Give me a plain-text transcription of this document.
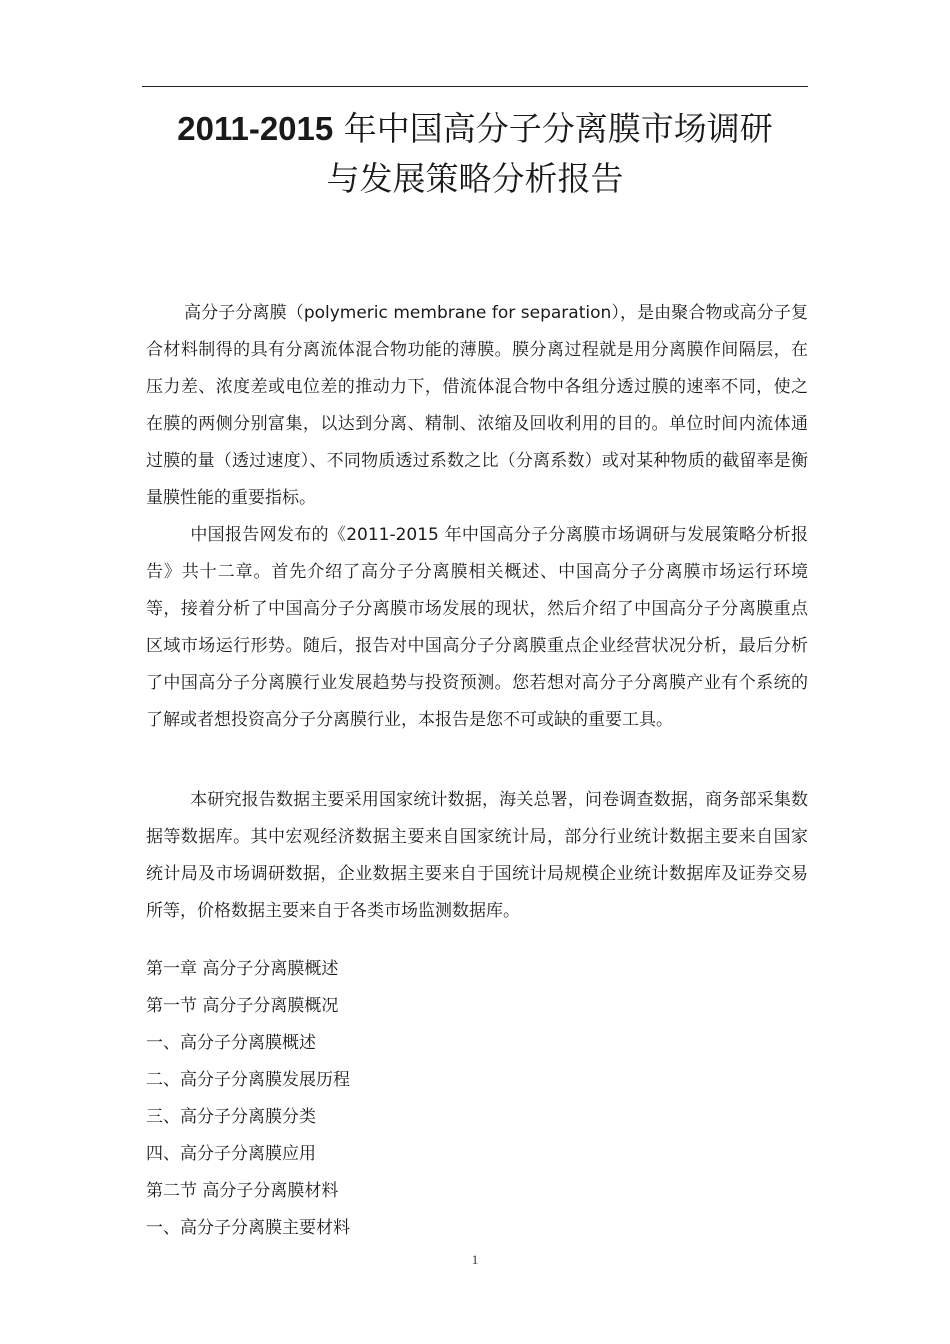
2011-2015 年中国高分子分离膜市场调研
与发展策略分析报告

高分子分离膜（polymeric membrane for separation），是由聚合物或高分子复合材料制得的具有分离流体混合物功能的薄膜。膜分离过程就是用分离膜作间隔层，在压力差、浓度差或电位差的推动力下，借流体混合物中各组分透过膜的速率不同，使之在膜的两侧分别富集，以达到分离、精制、浓缩及回收利用的目的。单位时间内流体通过膜的量（透过速度）、不同物质透过系数之比（分离系数）或对某种物质的截留率是衡量膜性能的重要指标。

中国报告网发布的《2011-2015 年中国高分子分离膜市场调研与发展策略分析报告》共十二章。首先介绍了高分子分离膜相关概述、中国高分子分离膜市场运行环境等，接着分析了中国高分子分离膜市场发展的现状，然后介绍了中国高分子分离膜重点区域市场运行形势。随后，报告对中国高分子分离膜重点企业经营状况分析，最后分析了中国高分子分离膜行业发展趋势与投资预测。您若想对高分子分离膜产业有个系统的了解或者想投资高分子分离膜行业，本报告是您不可或缺的重要工具。

本研究报告数据主要采用国家统计数据，海关总署，问卷调查数据，商务部采集数据等数据库。其中宏观经济数据主要来自国家统计局，部分行业统计数据主要来自国家统计局及市场调研数据，企业数据主要来自于国统计局规模企业统计数据库及证券交易所等，价格数据主要来自于各类市场监测数据库。

第一章 高分子分离膜概述
第一节 高分子分离膜概况
一、高分子分离膜概述
二、高分子分离膜发展历程
三、高分子分离膜分类
四、高分子分离膜应用
第二节 高分子分离膜材料
一、高分子分离膜主要材料
1
